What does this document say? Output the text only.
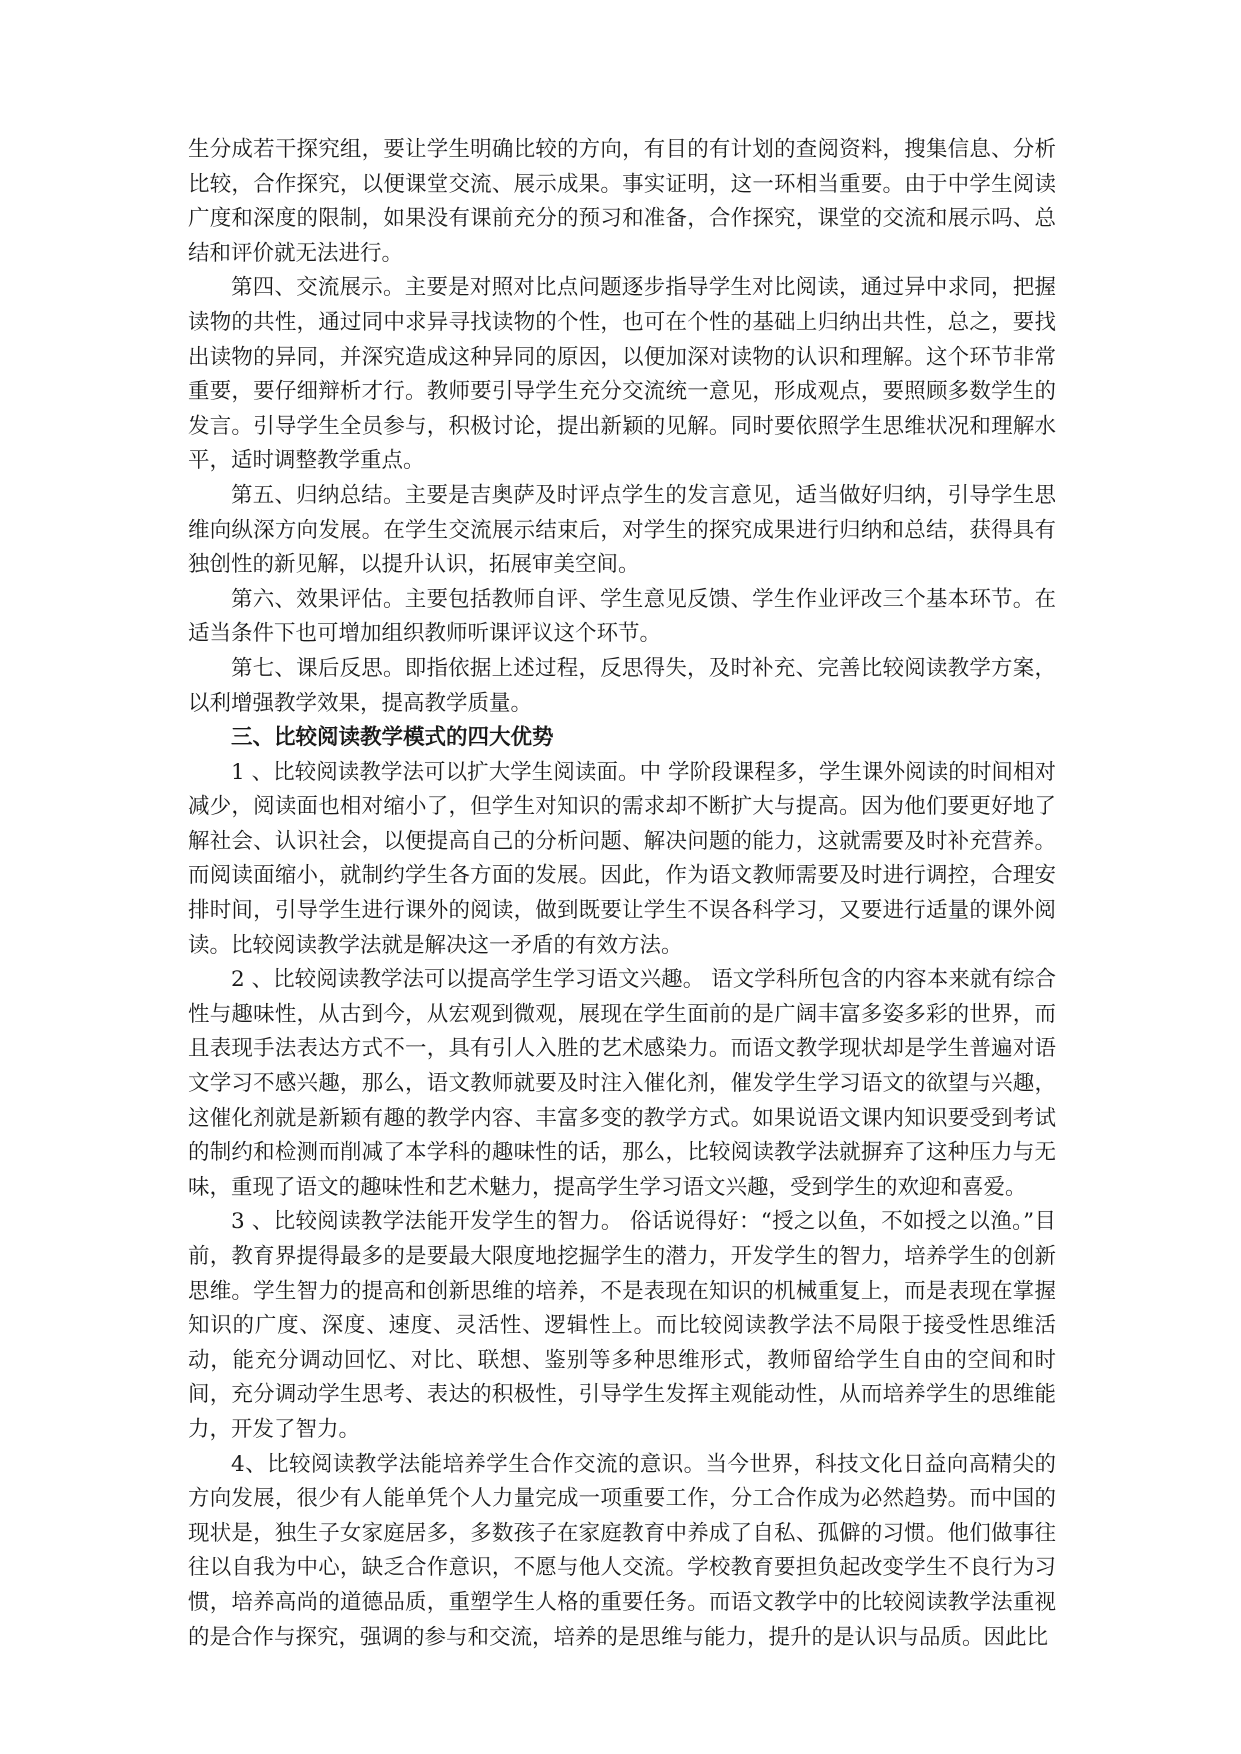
生分成若干探究组，要让学生明确比较的方向，有目的有计划的查阅资料，搜集信息、分析比较，合作探究，以便课堂交流、展示成果。事实证明，这一环相当重要。由于中学生阅读广度和深度的限制，如果没有课前充分的预习和准备，合作探究，课堂的交流和展示吗、总结和评价就无法进行。

第四、交流展示。主要是对照对比点问题逐步指导学生对比阅读，通过异中求同，把握读物的共性，通过同中求异寻找读物的个性，也可在个性的基础上归纳出共性，总之，要找出读物的异同，并深究造成这种异同的原因，以便加深对读物的认识和理解。这个环节非常重要，要仔细辩析才行。教师要引导学生充分交流统一意见，形成观点，要照顾多数学生的发言。引导学生全员参与，积极讨论，提出新颖的见解。同时要依照学生思维状况和理解水平，适时调整教学重点。

第五、归纳总结。主要是吉奥萨及时评点学生的发言意见，适当做好归纳，引导学生思维向纵深方向发展。在学生交流展示结束后，对学生的探究成果进行归纳和总结，获得具有独创性的新见解，以提升认识，拓展审美空间。

第六、效果评估。主要包括教师自评、学生意见反馈、学生作业评改三个基本环节。在适当条件下也可增加组织教师听课评议这个环节。

第七、课后反思。即指依据上述过程，反思得失，及时补充、完善比较阅读教学方案，以利增强教学效果，提高教学质量。

三、比较阅读教学模式的四大优势

1 、比较阅读教学法可以扩大学生阅读面。中 学阶段课程多，学生课外阅读的时间相对减少，阅读面也相对缩小了，但学生对知识的需求却不断扩大与提高。因为他们要更好地了解社会、认识社会，以便提高自己的分析问题、解决问题的能力，这就需要及时补充营养。而阅读面缩小，就制约学生各方面的发展。因此，作为语文教师需要及时进行调控，合理安排时间，引导学生进行课外的阅读，做到既要让学生不误各科学习，又要进行适量的课外阅读。比较阅读教学法就是解决这一矛盾的有效方法。

2 、比较阅读教学法可以提高学生学习语文兴趣。 语文学科所包含的内容本来就有综合性与趣味性，从古到今，从宏观到微观，展现在学生面前的是广阔丰富多姿多彩的世界，而且表现手法表达方式不一，具有引人入胜的艺术感染力。而语文教学现状却是学生普遍对语文学习不感兴趣，那么，语文教师就要及时注入催化剂，催发学生学习语文的欲望与兴趣，这催化剂就是新颖有趣的教学内容、丰富多变的教学方式。如果说语文课内知识要受到考试的制约和检测而削减了本学科的趣味性的话，那么，比较阅读教学法就摒弃了这种压力与无味，重现了语文的趣味性和艺术魅力，提高学生学习语文兴趣，受到学生的欢迎和喜爱。

3 、比较阅读教学法能开发学生的智力。 俗话说得好：“授之以鱼，不如授之以渔。”目前，教育界提得最多的是要最大限度地挖掘学生的潜力，开发学生的智力，培养学生的创新思维。学生智力的提高和创新思维的培养，不是表现在知识的机械重复上，而是表现在掌握知识的广度、深度、速度、灵活性、逻辑性上。而比较阅读教学法不局限于接受性思维活动，能充分调动回忆、对比、联想、鉴别等多种思维形式，教师留给学生自由的空间和时间，充分调动学生思考、表达的积极性，引导学生发挥主观能动性，从而培养学生的思维能力，开发了智力。

4、比较阅读教学法能培养学生合作交流的意识。当今世界，科技文化日益向高精尖的方向发展，很少有人能单凭个人力量完成一项重要工作，分工合作成为必然趋势。而中国的现状是，独生子女家庭居多，多数孩子在家庭教育中养成了自私、孤僻的习惯。他们做事往往以自我为中心，缺乏合作意识，不愿与他人交流。学校教育要担负起改变学生不良行为习惯，培养高尚的道德品质，重塑学生人格的重要任务。而语文教学中的比较阅读教学法重视的是合作与探究，强调的参与和交流，培养的是思维与能力，提升的是认识与品质。因此比
